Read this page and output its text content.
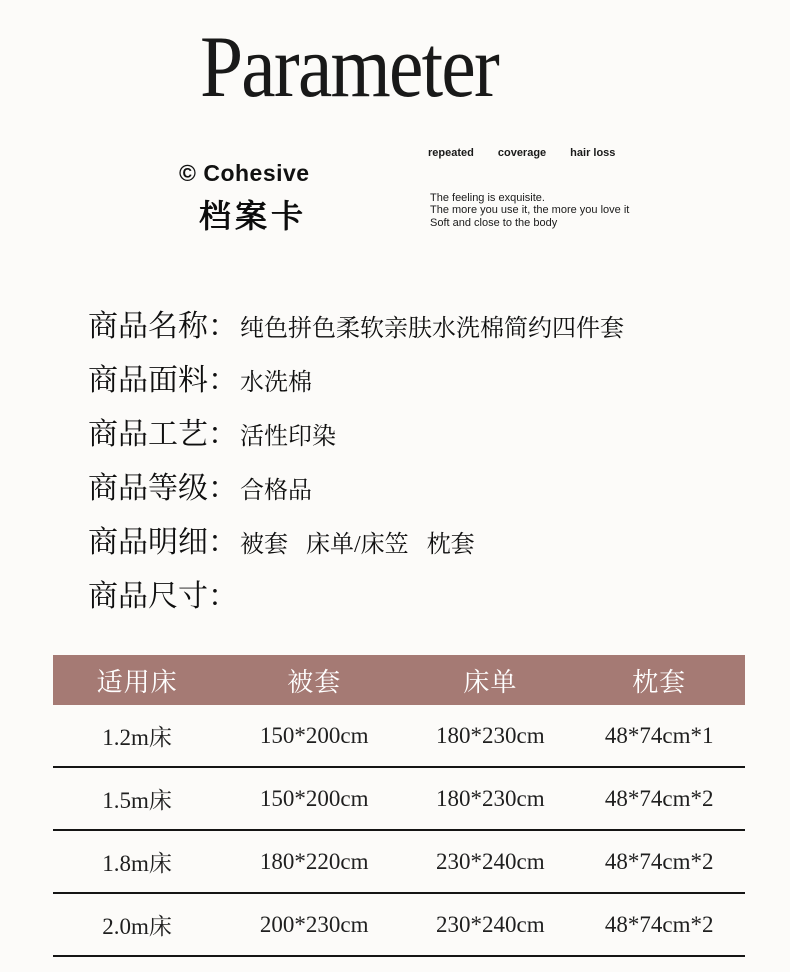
Parameter
© Cohesive
档案卡
repeated coverage hair loss
The feeling is exquisite.
The more you use it, the more you love it
Soft and close to the body
商品名称： 纯色拼色柔软亲肤水洗棉简约四件套
商品面料： 水洗棉
商品工艺： 活性印染
商品等级： 合格品
商品明细： 被套   床单/床笠   枕套
商品尺寸：
适用床	被套	床单	枕套
1.2m床	150*200cm	180*230cm	48*74cm*1
1.5m床	150*200cm	180*230cm	48*74cm*2
1.8m床	180*220cm	230*240cm	48*74cm*2
2.0m床	200*230cm	230*240cm	48*74cm*2
